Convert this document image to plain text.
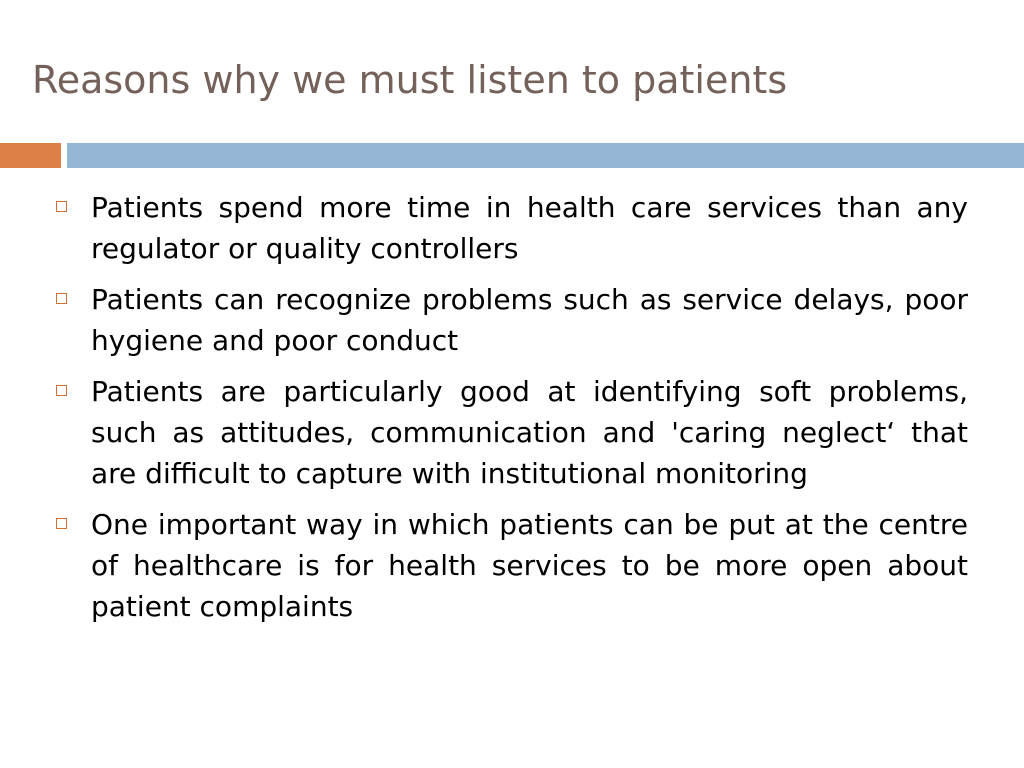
Reasons why we must listen to patients
Patients spend more time in health care services than any regulator or quality controllers
Patients can recognize problems such as service delays, poor hygiene and poor conduct
Patients are particularly good at identifying soft problems, such as attitudes, communication and 'caring neglect‘ that are difficult to capture with institutional monitoring
One important way in which patients can be put at the centre of healthcare is for health services to be more open about patient complaints
